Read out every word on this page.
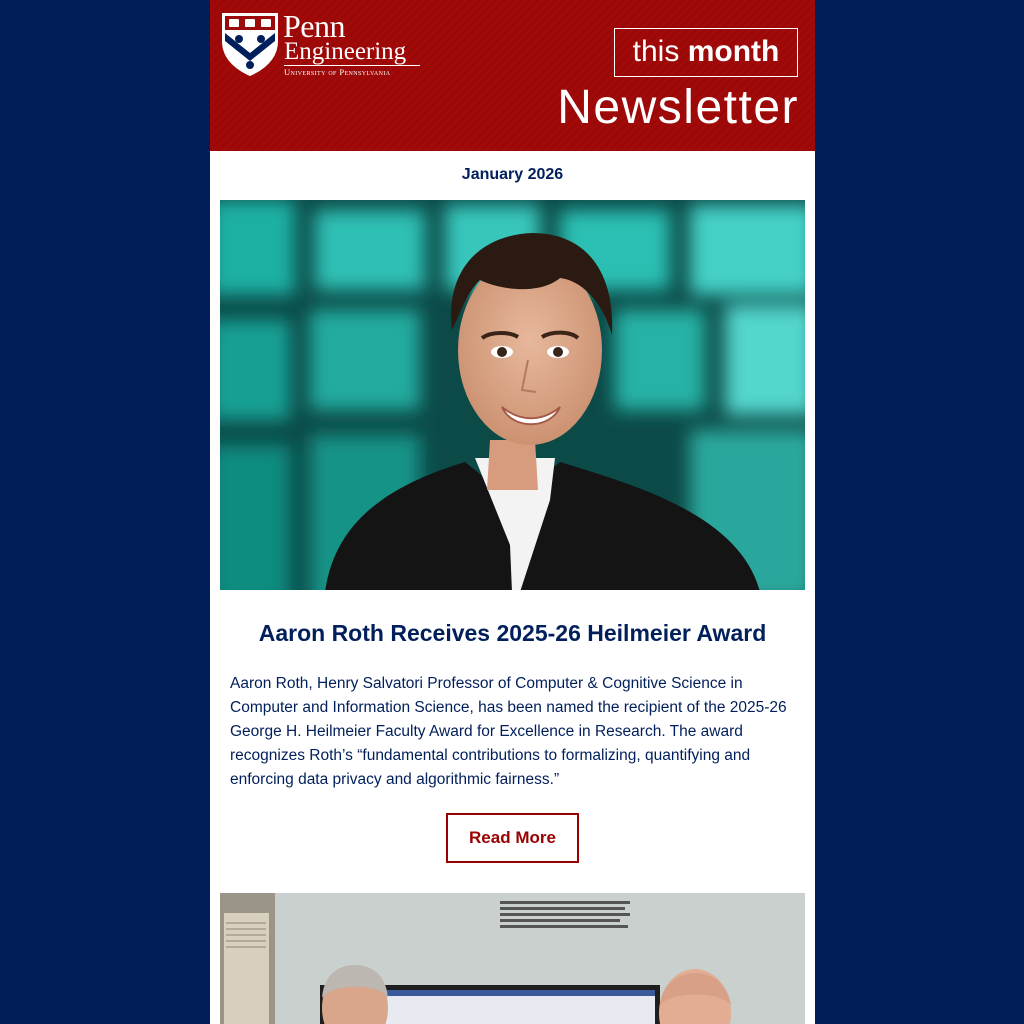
Penn
Engineering
University of Pennsylvania
this month
Newsletter
January 2026
Aaron Roth Receives 2025-26 Heilmeier Award

Aaron Roth, Henry Salvatori Professor of Computer & Cognitive Science in Computer and Information Science, has been named the recipient of the 2025-26 George H. Heilmeier Faculty Award for Excellence in Research. The award recognizes Roth’s “fundamental contributions to formalizing, quantifying and enforcing data privacy and algorithmic fairness.”

Read More
